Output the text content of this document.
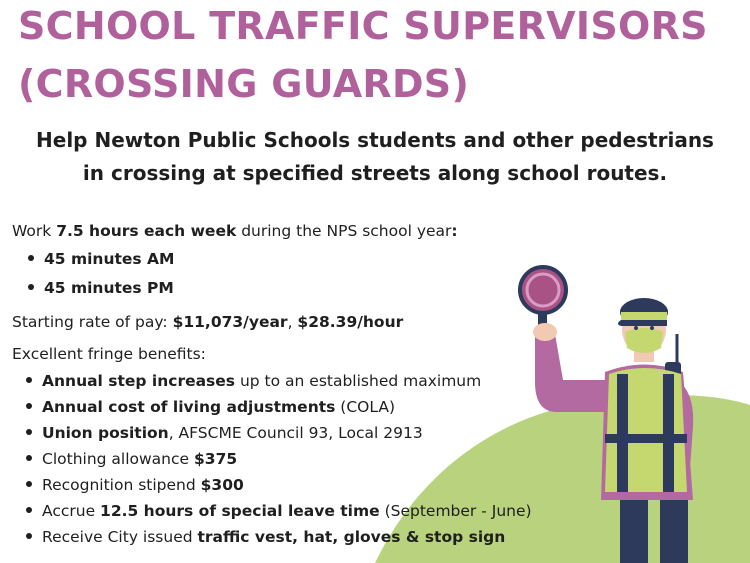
SCHOOL TRAFFIC SUPERVISORS
(CROSSING GUARDS)
Help Newton Public Schools students and other pedestrians
in crossing at specified streets along school routes.
Work 7.5 hours each week during the NPS school year:
45 minutes AM
45 minutes PM
Starting rate of pay: $11,073/year, $28.39/hour
Excellent fringe benefits:
Annual step increases up to an established maximum
Annual cost of living adjustments (COLA)
Union position, AFSCME Council 93, Local 2913
Clothing allowance $375
Recognition stipend $300
Accrue 12.5 hours of special leave time (September - June)
Receive City issued traffic vest, hat, gloves & stop sign
